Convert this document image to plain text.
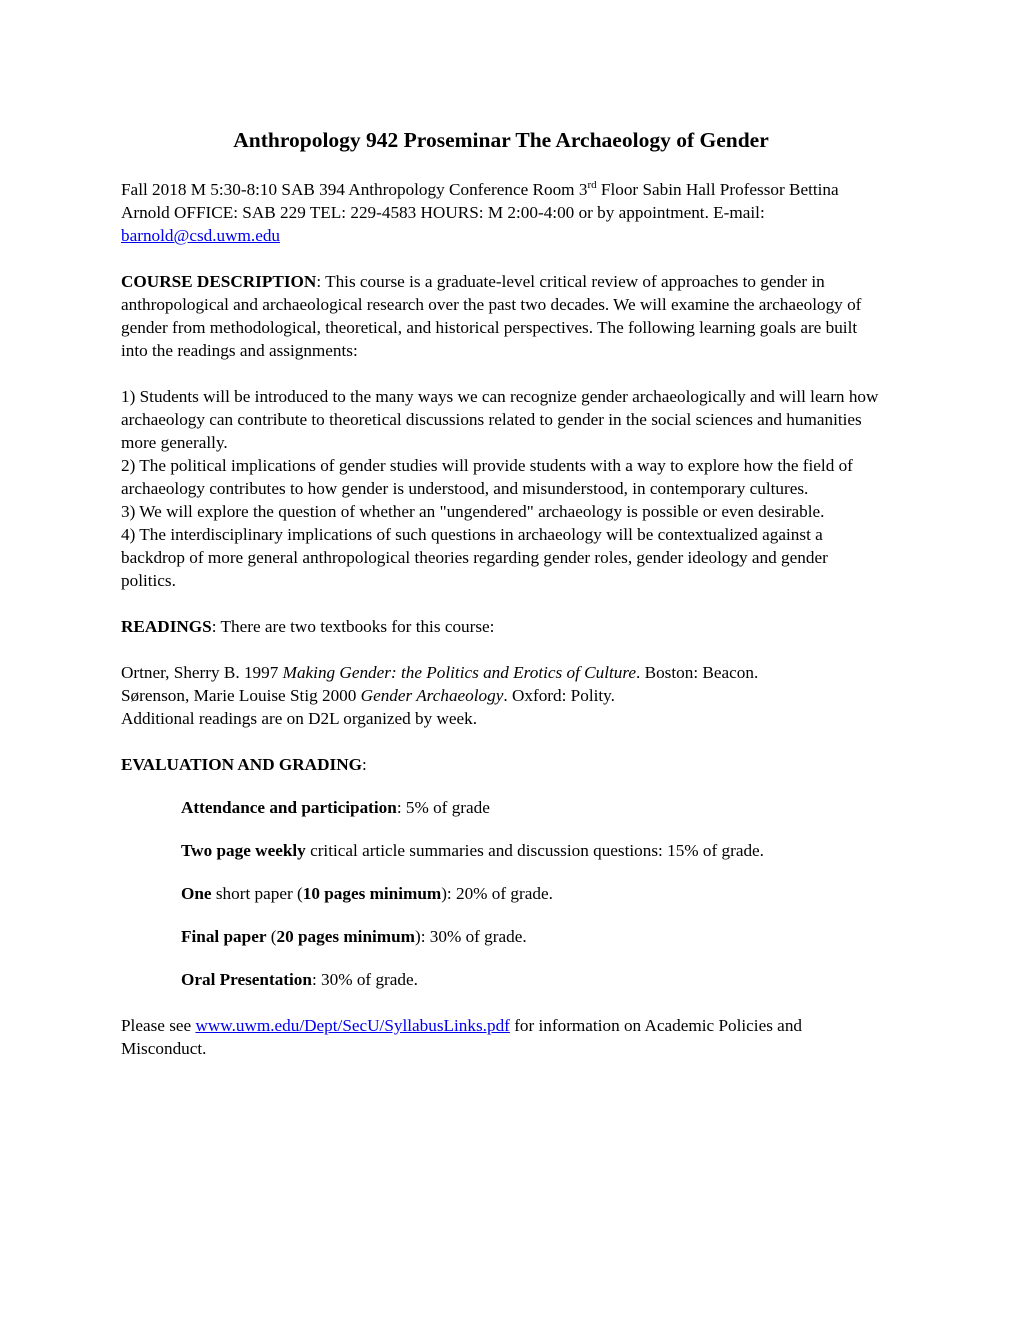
Anthropology 942 Proseminar The Archaeology of Gender

Fall 2018 M 5:30-8:10 SAB 394 Anthropology Conference Room 3rd Floor Sabin Hall Professor Bettina Arnold OFFICE: SAB 229 TEL: 229-4583 HOURS: M 2:00-4:00 or by appointment. E-mail: barnold@csd.uwm.edu

COURSE DESCRIPTION: This course is a graduate-level critical review of approaches to gender in anthropological and archaeological research over the past two decades. We will examine the archaeology of gender from methodological, theoretical, and historical perspectives. The following learning goals are built into the readings and assignments:

1) Students will be introduced to the many ways we can recognize gender archaeologically and will learn how archaeology can contribute to theoretical discussions related to gender in the social sciences and humanities more generally.

2) The political implications of gender studies will provide students with a way to explore how the field of archaeology contributes to how gender is understood, and misunderstood, in contemporary cultures.

3) We will explore the question of whether an "ungendered" archaeology is possible or even desirable.

4) The interdisciplinary implications of such questions in archaeology will be contextualized against a backdrop of more general anthropological theories regarding gender roles, gender ideology and gender politics.

READINGS: There are two textbooks for this course:

Ortner, Sherry B. 1997 Making Gender: the Politics and Erotics of Culture. Boston: Beacon.

Sørenson, Marie Louise Stig 2000 Gender Archaeology. Oxford: Polity.

Additional readings are on D2L organized by week.

EVALUATION AND GRADING:

Attendance and participation: 5% of grade

Two page weekly critical article summaries and discussion questions: 15% of grade.

One short paper (10 pages minimum): 20% of grade.

Final paper (20 pages minimum): 30% of grade.

Oral Presentation: 30% of grade.

Please see www.uwm.edu/Dept/SecU/SyllabusLinks.pdf for information on Academic Policies and Misconduct.
